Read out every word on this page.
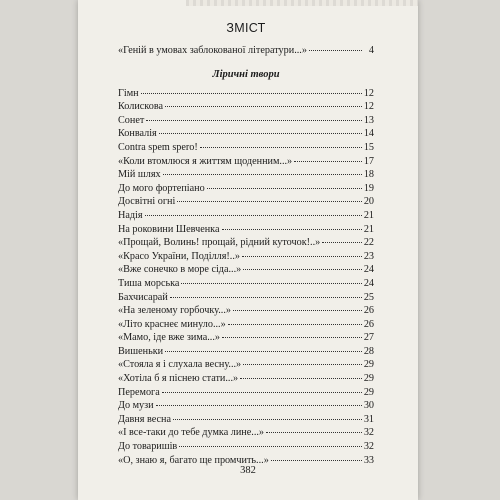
ЗМІСТ
«Геній в умовах заблокованої літератури...»	4
Ліричні твори
Гімн	12
Колискова	12
Сонет	13
Конвалія	14
Contra spem spero!	15
«Коли втомлюся я життям щоденним...»	17
Мій шлях	18
До мого фортепіано	19
Досвітні огні	20
Надія	21
На роковини Шевченка	21
«Прощай, Волинь! прощай, рідний куточок!..»	22
«Красо України, Поділля!..»	23
«Вже сонечко в море сіда...»	24
Тиша морська	24
Бахчисарай	25
«На зеленому горбочку...»	26
«Літо краснеє минуло...»	26
«Мамо, іде вже зима...»	27
Вишеньки	28
«Стояла я і слухала весну...»	29
«Хотіла б я піснею стати...»	29
Перемога	29
До музи	30
Давня весна	31
«І все-таки до тебе думка лине...»	32
До товаришів	32
«О, знаю я, багато ще промчить...»	33
382
